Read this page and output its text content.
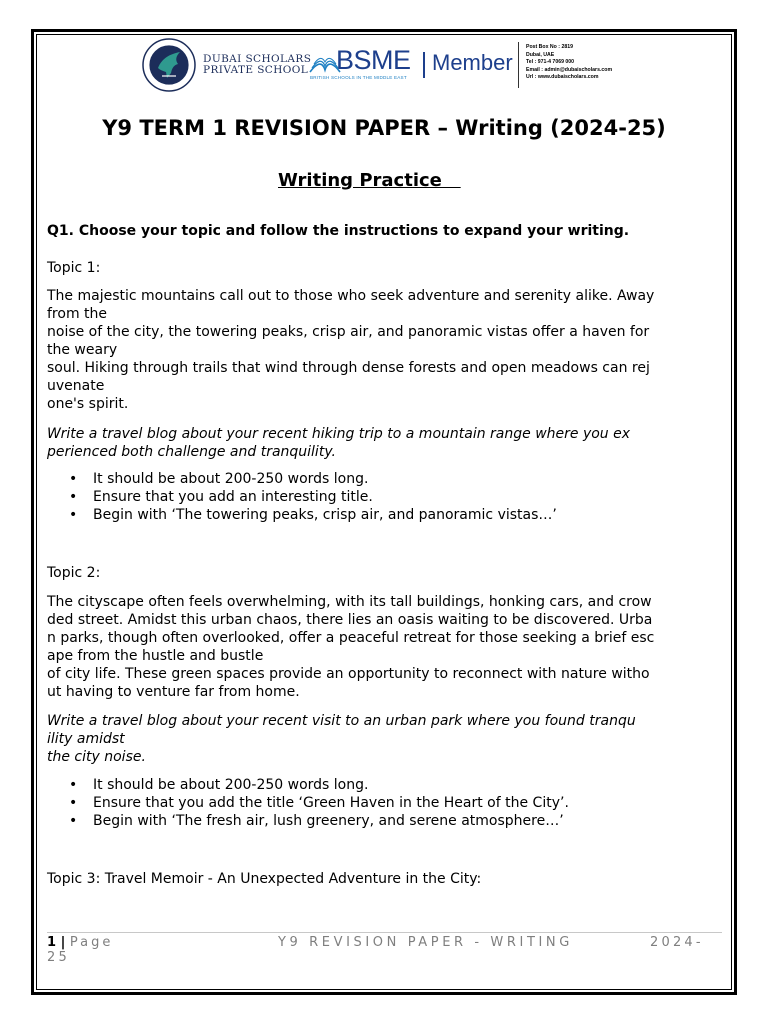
DUBAI SCHOLARS
PRIVATE SCHOOL BSME
BRITISH SCHOOLS IN THE MIDDLE EAST
Member
Post Box No : 2819
Dubai, UAE
Tel : 971-4 7069 000
Email : admin@dubaischolars.com
Url : www.dubaischolars.com
Y9 TERM 1 REVISION PAPER – Writing (2024-25)
Writing Practice
Q1. Choose your topic and follow the instructions to expand your writing.
Topic 1:
The majestic mountains call out to those who seek adventure and serenity alike. Away
from the
noise of the city, the towering peaks, crisp air, and panoramic vistas offer a haven for
the weary
soul. Hiking through trails that wind through dense forests and open meadows can rej
uvenate
one's spirit.
Write a travel blog about your recent hiking trip to a mountain range where you ex
perienced both challenge and tranquility.
• It should be about 200-250 words long.
• Ensure that you add an interesting title.
• Begin with ‘The towering peaks, crisp air, and panoramic vistas…’
Topic 2:
The cityscape often feels overwhelming, with its tall buildings, honking cars, and crow
ded street. Amidst this urban chaos, there lies an oasis waiting to be discovered. Urba
n parks, though often overlooked, offer a peaceful retreat for those seeking a brief esc
ape from the hustle and bustle
of city life. These green spaces provide an opportunity to reconnect with nature witho
ut having to venture far from home.
Write a travel blog about your recent visit to an urban park where you found tranqu
ility amidst
the city noise.
• It should be about 200-250 words long.
• Ensure that you add the title ‘Green Haven in the Heart of the City’.
• Begin with ‘The fresh air, lush greenery, and serene atmosphere…’
Topic 3: Travel Memoir - An Unexpected Adventure in the City:
1 | Page	Y9 REVISION PAPER - WRITING	2024-
25
